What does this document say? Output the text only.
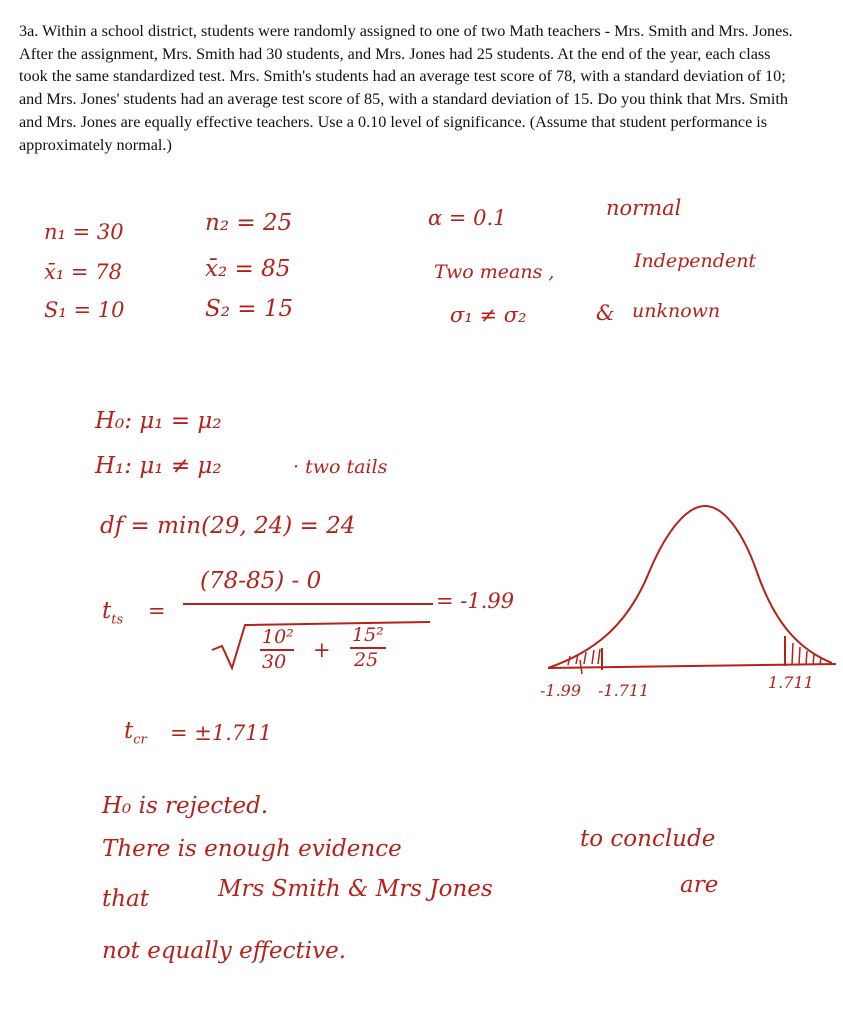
3a. Within a school district, students were randomly assigned to one of two Math teachers - Mrs. Smith and Mrs. Jones. After the assignment, Mrs. Smith had 30 students, and Mrs. Jones had 25 students. At the end of the year, each class took the same standardized test. Mrs. Smith's students had an average test score of 78, with a standard deviation of 10; and Mrs. Jones' students had an average test score of 85, with a standard deviation of 15. Do you think that Mrs. Smith and Mrs. Jones are equally effective teachers. Use a 0.10 level of significance. (Assume that student performance is approximately normal.)
n₁ = 30
x̄₁ = 78
S₁ = 10
n₂ = 25
x̄₂ = 85
S₂ = 15
α = 0.1	normal
Two means ,	Independent
σ₁ ≠ σ₂	& unknown
H₀: μ₁ = μ₂
H₁: μ₁ ≠ μ₂	· two tails
df = min(29, 24) = 24
$t_{ts}$ =
(78-85) - 0
= -1.99
10²
30 +
15²
25
$t_{cr} = \pm 1.711$
-1.99 -1.711	1.711
H₀ is rejected.
There is enough evidence	to conclude
that	Mrs Smith & Mrs Jones	are
not equally effective.
